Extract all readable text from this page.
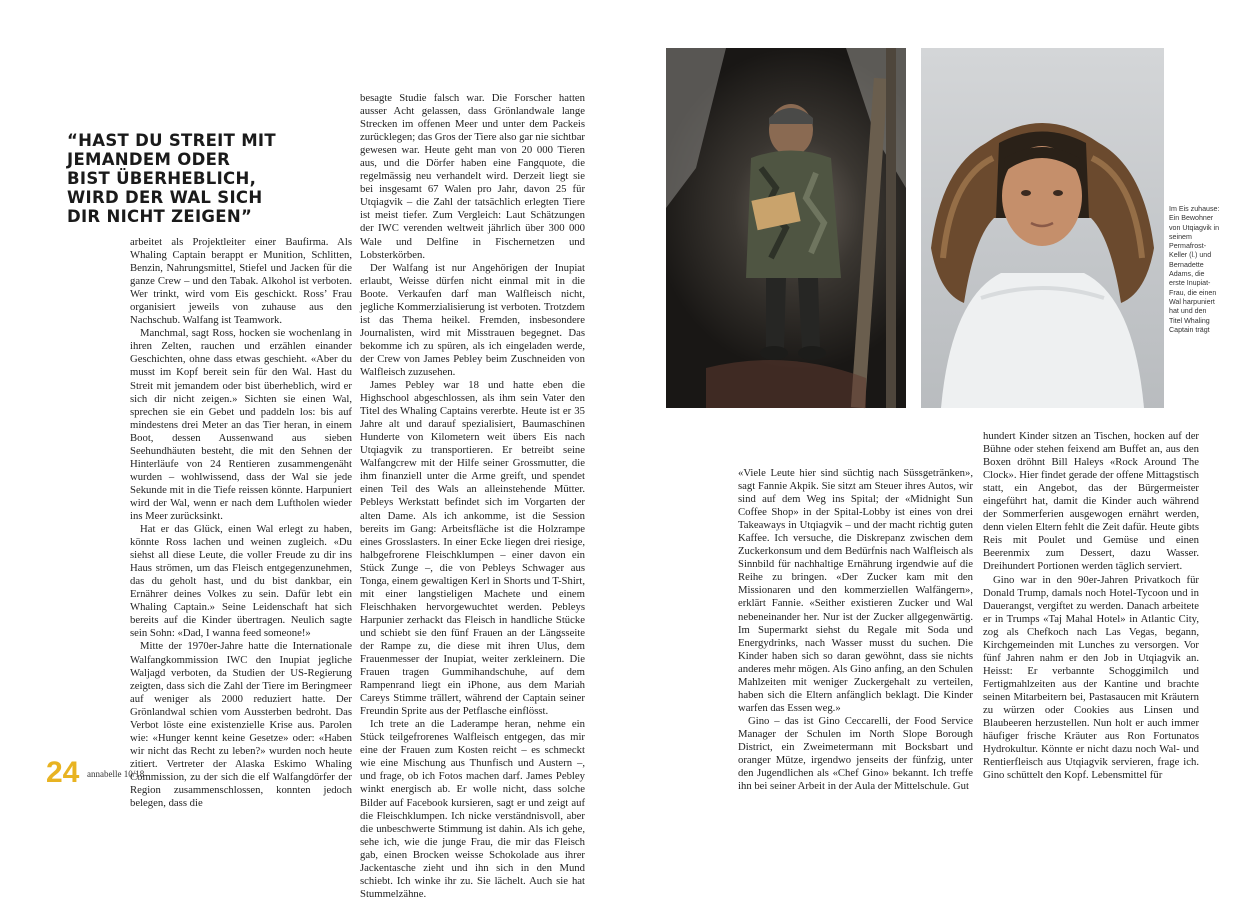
“HAST DU STREIT MIT JEMANDEM ODER BIST ÜBERHEBLICH, WIRD DER WAL SICH DIR NICHT ZEIGEN”

arbeitet als Projektleiter einer Baufirma. Als Whaling Captain berappt er Munition, Schlitten, Benzin, Nahrungsmittel, Stiefel und Jacken für die ganze Crew – und den Tabak. Alkohol ist verboten. Wer trinkt, wird vom Eis geschickt. Ross’ Frau organisiert jeweils von zuhause aus den Nachschub. Walfang ist Teamwork.

Manchmal, sagt Ross, hocken sie wochenlang in ihren Zelten, rauchen und erzählen einander Geschichten, ohne dass etwas geschieht. «Aber du musst im Kopf bereit sein für den Wal. Hast du Streit mit jemandem oder bist überheblich, wird er sich dir nicht zeigen.» Sichten sie einen Wal, sprechen sie ein Gebet und paddeln los: bis auf mindestens drei Meter an das Tier heran, in einem Boot, dessen Aussenwand aus sieben Seehundhäuten besteht, die mit den Sehnen der Hinterläufe von 24 Rentieren zusammengenäht wurden – wohlwissend, dass der Wal sie jede Sekunde mit in die Tiefe reissen könnte. Harpuniert wird der Wal, wenn er nach dem Luftholen wieder ins Meer zurücksinkt.

Hat er das Glück, einen Wal erlegt zu haben, könnte Ross lachen und weinen zugleich. «Du siehst all diese Leute, die voller Freude zu dir ins Haus strömen, um das Fleisch entgegenzunehmen, das du geholt hast, und du bist dankbar, ein Ernährer deines Volkes zu sein. Dafür lebt ein Whaling Captain.» Seine Leidenschaft hat sich bereits auf die Kinder übertragen. Neulich sagte sein Sohn: «Dad, I wanna feed someone!»

Mitte der 1970er-Jahre hatte die Internationale Walfangkommission IWC den Inupiat jegliche Waljagd verboten, da Studien der US-Regierung zeigten, dass sich die Zahl der Tiere im Beringmeer auf weniger als 2000 reduziert hatte. Der Grönlandwal schien vom Aussterben bedroht. Das Verbot löste eine existenzielle Krise aus. Parolen wie: «Hunger kennt keine Gesetze» oder: «Haben wir nicht das Recht zu leben?» wurden noch heute zitiert. Vertreter der Alaska Eskimo Whaling Commission, zu der sich die elf Walfangdörfer der Region zusammenschlossen, konnten jedoch belegen, dass die

besagte Studie falsch war. Die Forscher hatten ausser Acht gelassen, dass Grönlandwale lange Strecken im offenen Meer und unter dem Packeis zurücklegen; das Gros der Tiere also gar nie sichtbar gewesen war. Heute geht man von 20 000 Tieren aus, und die Dörfer haben eine Fangquote, die regelmässig neu verhandelt wird. Derzeit liegt sie bei insgesamt 67 Walen pro Jahr, davon 25 für Utqiagvik – die Zahl der tatsächlich erlegten Tiere ist meist tiefer. Zum Vergleich: Laut Schätzungen der IWC verenden weltweit jährlich über 300 000 Wale und Delfine in Fischernetzen und Lobsterkörben.

Der Walfang ist nur Angehörigen der Inupiat erlaubt, Weisse dürfen nicht einmal mit in die Boote. Verkaufen darf man Walfleisch nicht, jegliche Kommerzialisierung ist verboten. Trotzdem ist das Thema heikel. Fremden, insbesondere Journalisten, wird mit Misstrauen begegnet. Das bekomme ich zu spüren, als ich eingeladen werde, der Crew von James Pebley beim Zuschneiden von Walfleisch zuzusehen.

James Pebley war 18 und hatte eben die Highschool abgeschlossen, als ihm sein Vater den Titel des Whaling Captains vererbte. Heute ist er 35 Jahre alt und darauf spezialisiert, Baumaschinen Hunderte von Kilometern weit übers Eis nach Utqiagvik zu transportieren. Er betreibt seine Walfangcrew mit der Hilfe seiner Grossmutter, die ihm finanziell unter die Arme greift, und spendet einen Teil des Wals an alleinstehende Mütter. Pebleys Werkstatt befindet sich im Vorgarten der alten Dame. Als ich ankomme, ist die Session bereits im Gang: Arbeitsfläche ist die Holzrampe eines Grosslasters. In einer Ecke liegen drei riesige, halbgefrorene Fleischklumpen – einer davon ein Stück Zunge –, die von Pebleys Schwager aus Tonga, einem gewaltigen Kerl in Shorts und T-Shirt, mit einer langstieligen Machete und einem Fleischhaken hervorgewuchtet werden. Pebleys Harpunier zerhackt das Fleisch in handliche Stücke und schiebt sie den fünf Frauen an der Längsseite der Rampe zu, die diese mit ihren Ulus, dem Frauenmesser der Inupiat, weiter zerkleinern. Die Frauen tragen Gummihandschuhe, auf dem Rampenrand liegt ein iPhone, aus dem Mariah Careys Stimme trällert, während der Captain seiner Freundin Sprite aus der Petflasche einflösst.

Ich trete an die Laderampe heran, nehme ein Stück teilgefrorenes Walfleisch entgegen, das mir eine der Frauen zum Kosten reicht – es schmeckt wie eine Mischung aus Thunfisch und Austern –, und frage, ob ich Fotos machen darf. James Pebley winkt energisch ab. Er wolle nicht, dass solche Bilder auf Facebook kursieren, sagt er und zeigt auf die Fleischklumpen. Ich nicke verständnisvoll, aber die unbeschwerte Stimmung ist dahin. Als ich gehe, sehe ich, wie die junge Frau, die mir das Fleisch gab, einen Brocken weisse Schokolade aus ihrer Jackentasche zieht und ihn sich in den Mund schiebt. Ich winke ihr zu. Sie lächelt. Auch sie hat Stummelzähne.

24 annabelle 10/18
Im Eis zuhause: Ein Bewohner von Utqiagvik in seinem Permafrost-Keller (l.) und Bernadette Adams, die erste Inupiat-Frau, die einen Wal harpuniert hat und den Titel Whaling Captain trägt

«Viele Leute hier sind süchtig nach Süssgetränken», sagt Fannie Akpik. Sie sitzt am Steuer ihres Autos, wir sind auf dem Weg ins Spital; der «Midnight Sun Coffee Shop» in der Spital-Lobby ist eines von drei Takeaways in Utqiagvik – und der macht richtig guten Kaffee. Ich versuche, die Diskrepanz zwischen dem Zuckerkonsum und dem Bedürfnis nach Walfleisch als Sinnbild für nachhaltige Ernährung irgendwie auf die Reihe zu bringen. «Der Zucker kam mit den Missionaren und den kommerziellen Walfängern», erklärt Fannie. «Seither existieren Zucker und Wal nebeneinander her. Nur ist der Zucker allgegenwärtig. Im Supermarkt siehst du Regale mit Soda und Energydrinks, nach Wasser musst du suchen. Die Kinder haben sich so daran gewöhnt, dass sie nichts anderes mehr mögen. Als Gino anfing, an den Schulen Mahlzeiten mit weniger Zuckergehalt zu verteilen, haben sich die Eltern anfänglich beklagt. Die Kinder warfen das Essen weg.»

Gino – das ist Gino Ceccarelli, der Food Service Manager der Schulen im North Slope Borough District, ein Zweimetermann mit Bocksbart und oranger Mütze, irgendwo jenseits der fünfzig, unter den Jugendlichen als «Chef Gino» bekannt. Ich treffe ihn bei seiner Arbeit in der Aula der Mittelschule. Gut

hundert Kinder sitzen an Tischen, hocken auf der Bühne oder stehen feixend am Buffet an, aus den Boxen dröhnt Bill Haleys «Rock Around The Clock». Hier findet gerade der offene Mittagstisch statt, ein Angebot, das der Bürgermeister eingeführt hat, damit die Kinder auch während der Sommerferien ausgewogen ernährt werden, denn vielen Eltern fehlt die Zeit dafür. Heute gibts Reis mit Poulet und Gemüse und einen Beerenmix zum Dessert, dazu Wasser. Dreihundert Portionen werden täglich serviert.

Gino war in den 90er-Jahren Privatkoch für Donald Trump, damals noch Hotel-Tycoon und in Dauerangst, vergiftet zu werden. Danach arbeitete er in Trumps «Taj Mahal Hotel» in Atlantic City, zog als Chefkoch nach Las Vegas, begann, Kirchgemeinden mit Lunches zu versorgen. Vor fünf Jahren nahm er den Job in Utqiagvik an. Heisst: Er verbannte Schoggimilch und Fertigmahlzeiten aus der Kantine und brachte seinen Mitarbeitern bei, Pastasaucen mit Kräutern zu würzen oder Cookies aus Linsen und Blaubeeren herzustellen. Nun holt er auch immer häufiger frische Kräuter aus Ron Fortunatos Hydrokultur. Könnte er nicht dazu noch Wal- und Rentierfleisch aus Utqiagvik servieren, frage ich. Gino schüttelt den Kopf. Lebensmittel für
